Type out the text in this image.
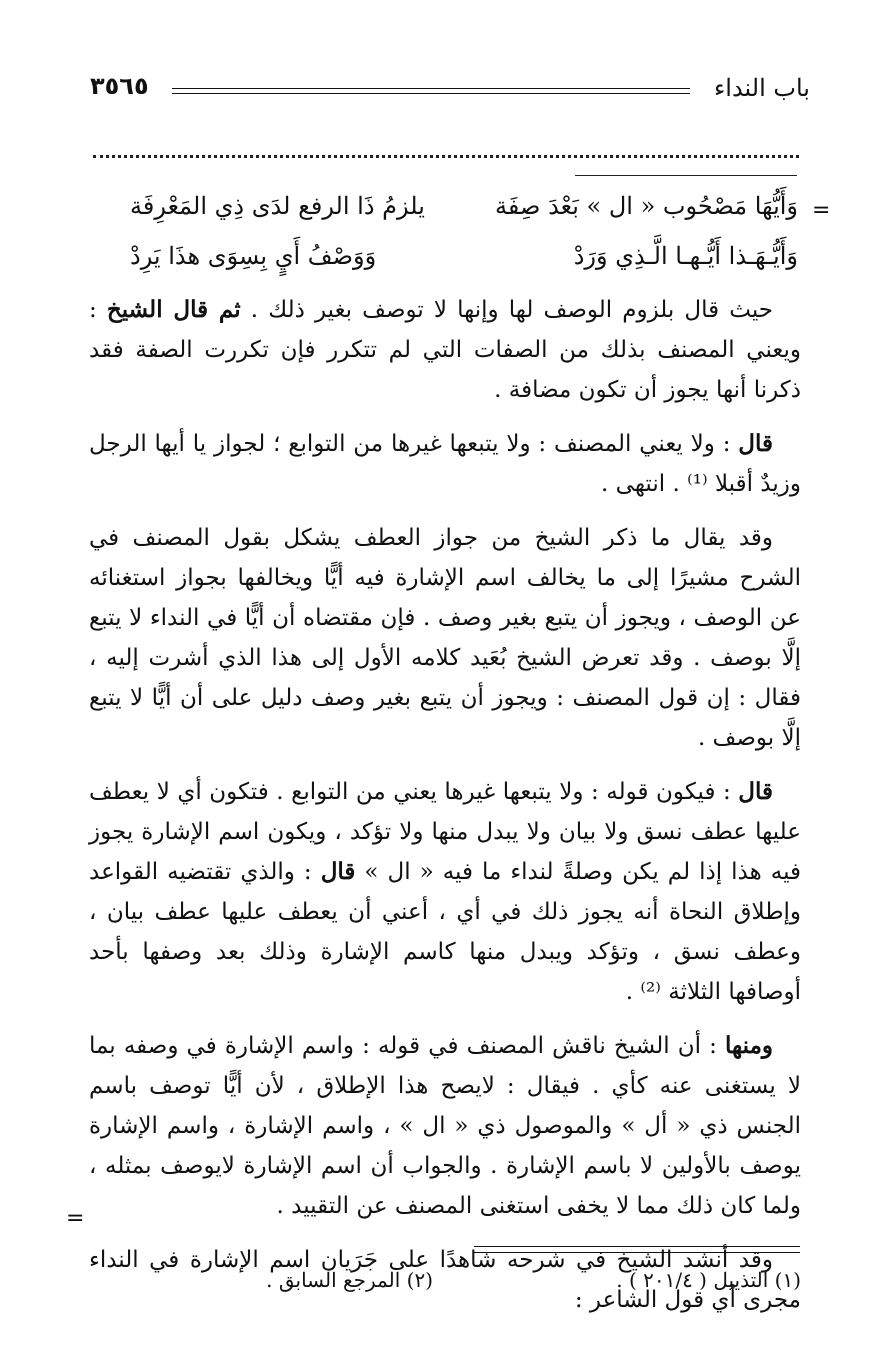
باب النداء
٣٥٦٥
=
وَأَيُّهَا مَصْحُوب « ال » بَعْدَ صِفَة
يلزمُ ذَا الرفع لدَى ذِي المَعْرِفَة
وَأَيُّـهَـذا أَيُّـهـا الَّـذِي وَرَدْ
وَوَصْفُ أَيٍ بِسِوَى هذَا يَرِدْ

حيث قال بلزوم الوصف لها وإنها لا توصف بغير ذلك . ثم قال الشيخ : ويعني المصنف بذلك من الصفات التي لم تتكرر فإن تكررت الصفة فقد ذكرنا أنها يجوز أن تكون مضافة .

قال : ولا يعني المصنف : ولا يتبعها غيرها من التوابع ؛ لجواز يا أيها الرجل وزيدٌ أقبلا ⁽¹⁾ . انتهى .

وقد يقال ما ذكر الشيخ من جواز العطف يشكل بقول المصنف في الشرح مشيرًا إلى ما يخالف اسم الإشارة فيه أيًّا ويخالفها بجواز استغنائه عن الوصف ، ويجوز أن يتبع بغير وصف . فإن مقتضاه أن أيًّا في النداء لا يتبع إلَّا بوصف . وقد تعرض الشيخ بُعَيد كلامه الأول إلى هذا الذي أشرت إليه ، فقال : إن قول المصنف : ويجوز أن يتبع بغير وصف دليل على أن أيًّا لا يتبع إلَّا بوصف .

قال : فيكون قوله : ولا يتبعها غيرها يعني من التوابع . فتكون أي لا يعطف عليها عطف نسق ولا بيان ولا يبدل منها ولا تؤكد ، ويكون اسم الإشارة يجوز فيه هذا إذا لم يكن وصلةً لنداء ما فيه « ال » قال : والذي تقتضيه القواعد وإطلاق النحاة أنه يجوز ذلك في أي ، أعني أن يعطف عليها عطف بيان ، وعطف نسق ، وتؤكد ويبدل منها كاسم الإشارة وذلك بعد وصفها بأحد أوصافها الثلاثة ⁽²⁾ .

ومنها : أن الشيخ ناقش المصنف في قوله : واسم الإشارة في وصفه بما لا يستغنى عنه كأي . فيقال : لايصح هذا الإطلاق ، لأن أيًّا توصف باسم الجنس ذي « أل » والموصول ذي « ال » ، واسم الإشارة ، واسم الإشارة يوصف بالأولين لا باسم الإشارة . والجواب أن اسم الإشارة لايوصف بمثله ، ولما كان ذلك مما لا يخفى استغنى المصنف عن التقييد .

وقد أنشد الشيخ في شرحه شاهدًا على جَرَيان اسم الإشارة في النداء مجرى أي قول الشاعر :

=
(١) التذييل ( ٢٠١/٤ ) .
(٢) المرجع السابق .
